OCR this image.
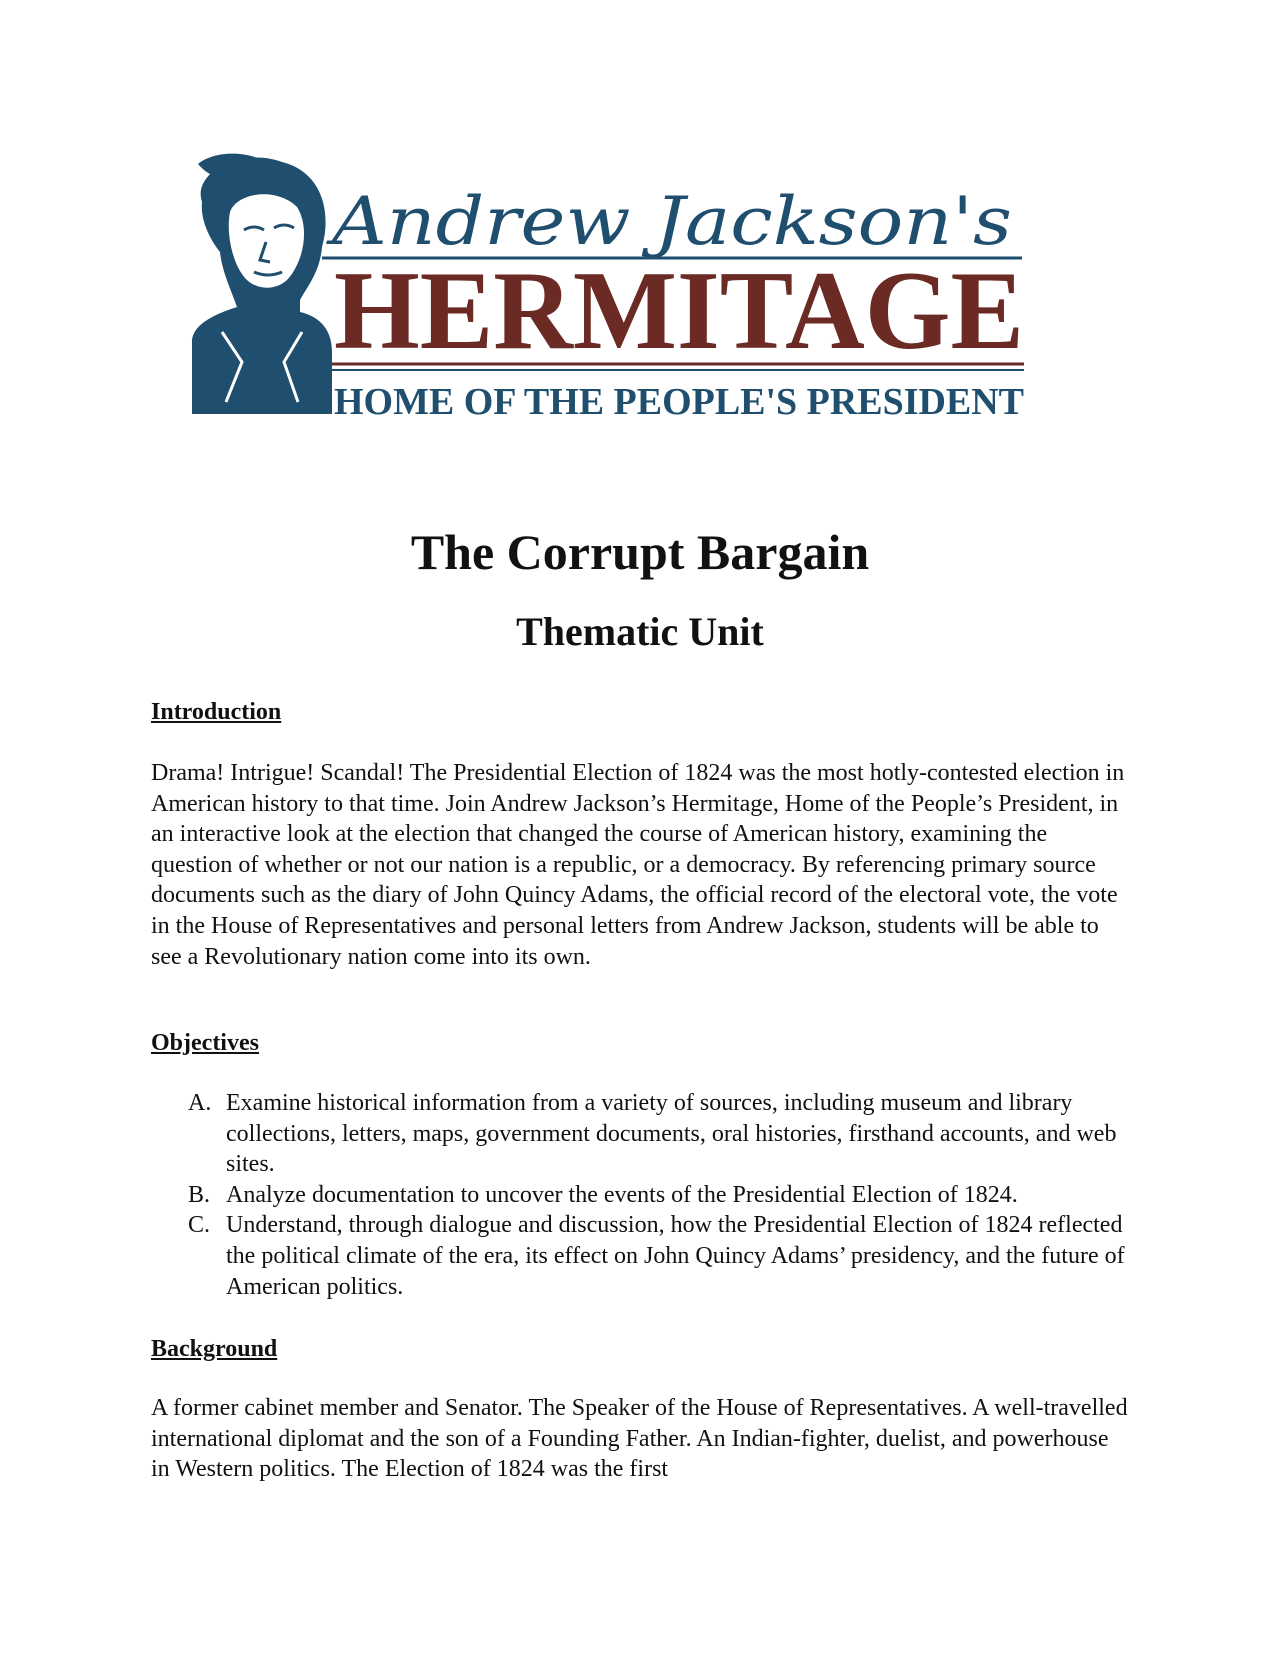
Andrew Jackson's
HERMITAGE
HOME OF THE PEOPLE'S PRESIDENT
The Corrupt Bargain
Thematic Unit
Introduction

Drama! Intrigue! Scandal! The Presidential Election of 1824 was the most hotly-contested election in American history to that time. Join Andrew Jackson’s Hermitage, Home of the People’s President, in an interactive look at the election that changed the course of American history, examining the question of whether or not our nation is a republic, or a democracy. By referencing primary source documents such as the diary of John Quincy Adams, the official record of the electoral vote, the vote in the House of Representatives and personal letters from Andrew Jackson, students will be able to see a Revolutionary nation come into its own.

Objectives
A. Examine historical information from a variety of sources, including museum and library collections, letters, maps, government documents, oral histories, firsthand accounts, and web sites.
B. Analyze documentation to uncover the events of the Presidential Election of 1824.
C. Understand, through dialogue and discussion, how the Presidential Election of 1824 reflected the political climate of the era, its effect on John Quincy Adams’ presidency, and the future of American politics.
Background

A former cabinet member and Senator. The Speaker of the House of Representatives. A well-travelled international diplomat and the son of a Founding Father. An Indian-fighter, duelist, and powerhouse in Western politics. The Election of 1824 was the first
